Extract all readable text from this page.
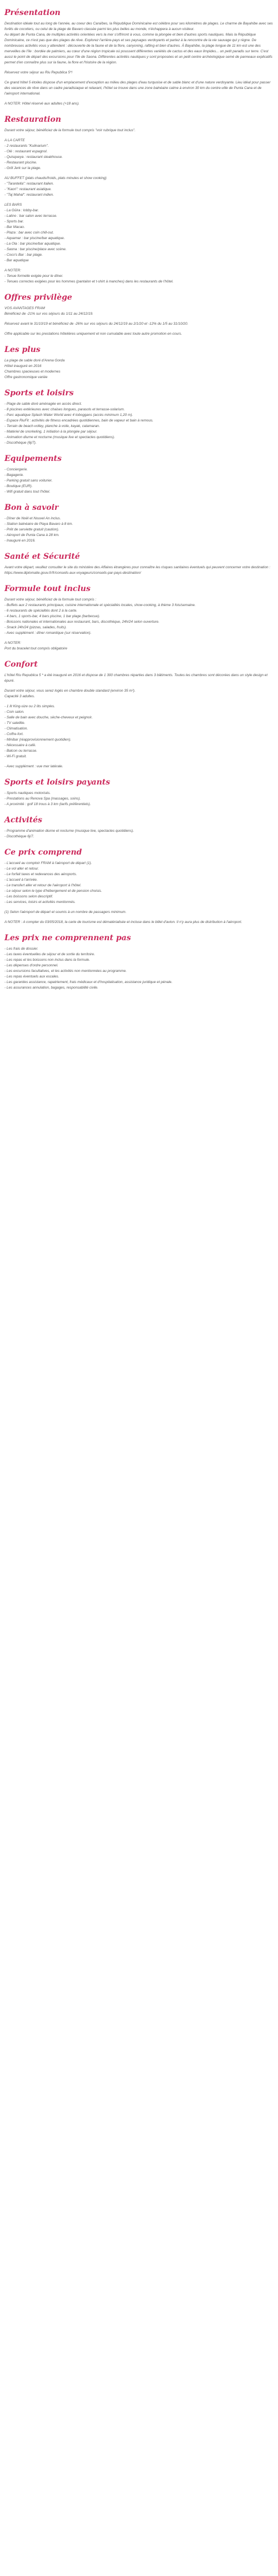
Présentation

Destination idéale tout au long de l'année, au coeur des Caraïbes, la République Dominicaine est célèbre pour ses kilomètres de plages. Le charme de Bayahibe avec ses forêts de cocotiers, ou celui de la plage de Bavaro classée parmi les plus belles au monde, n'échappera à aucun visiteur.
Au départ de Punta Cana, de multiples activités orientées vers la mer s'offriront à vous, comme la plongée et bien d'autres sports nautiques. Mais la République Dominicaine, ce n'est pas que des plages de rêve. Explorez l'arrière-pays et ses paysages verdoyants et partez à la rencontre de la vie sauvage qui y règne. De nombreuses activités vous y attendent : découverte de la faune et de la flore, canyoning, rafting et bien d'autres. À Bayahibe, la plage longue de 11 km est une des merveilles de l'île : bordée de palmiers, au cœur d'une région tropicale où poussent différentes variétés de cactus et des eaux limpides... un petit paradis sur terre. C'est aussi le point de départ des excursions pour l'île de Saona. Différentes activités nautiques y sont proposées et un petit centre archéologique semé de panneaux explicatifs permet d'en connaître plus sur la faune, la flore et l'histoire de la région.

Réservez votre séjour au Riu Republica 5*!

Ce grand hôtel 5 étoiles dispose d'un emplacement d'exception au milieu des plages d'eau turquoise et de sable blanc et d'une nature verdoyante. Lieu idéal pour passer des vacances de rêve dans un cadre paradisiaque et relaxant, l'hôtel se trouve dans une zone balnéaire calme à environ 30 km du centre-ville de Punta Cana et de l'aéroport international.

A NOTER: Hôtel réservé aux adultes (+18 ans).

Restauration

Durant votre séjour, bénéficiez de la formule tout compris "voir rubrique tout inclus".

A LA CARTE
- 2 restaurants "Kulinarium".
- Olé : restaurant espagnol.
- Quisqueya : restaurant steakhouse.
- Restaurant piscine.
- Grill Jerk sur la plage.

AU BUFFET (plats chauds/froids, plats minutes et show cooking)
- "Tarantella": restaurant italien.
- "Kaori": restaurant asiatique.
- "Taj Mahal": restaurant indien.

LES BARS
- La Güira : lobby-bar.
- Latino : bar salon avec terrasse.
- Sports bar.
- Bar Macao.
- Plaza : bar avec coin chill-out.
- Aquamar : bar piscine/bar aquatique.
- La Ola : bar piscine/bar aquatique.
- Saona : bar piscine/place avec scène.
- Coco's Bar : bar plage.
- Bar aquatique

A NOTER:
- Tenue formelle exigée pour le dîner.
- Tenues correctes exigées pour les hommes (pantalon et t-shirt à manches) dans les restaurants de l'hôtel.

Offres privilège

VOS AVANTAGES FRAM
Bénéficiez de -21% sur vos séjours du 1/11 au 24/12/19.

Réservez avant le 31/10/19 et bénéficiez de -26% sur vos séjours du 24/12/19 au 2/1/20 et -12% du 1/5 au 31/10/20.

Offre applicable sur les prestations hôtelières uniquement et non cumulable avec toute autre promotion en cours.

Les plus

La plage de sable doré d'Arena Gorda
Hôtel inauguré en 2016
Chambres spacieuses et modernes
Offre gastronomique variée

Sports et loisirs

- Plage de sable doré aménagée en accès direct.
- 8 piscines extérieures avec chaises longues, parasols et terrasse-solarium.
- Parc aquatique Splash Water World avec 4 toboggans (accès minimum 1,20 m).
- Espace RiuFit : activités de fitness encadrées quotidiennes, bain de vapeur et bain à remous.
- Terrain de beach-volley, planche à voile, kayak, catamaran.
- Matériel de snorkeling, 1 initiation à la plongée par séjour.
- Animation diurne et nocturne (musique live et spectacles quotidiens).
- Discothèque (6j/7).

Equipements

- Conciergerie.
- Bagagerie.
- Parking gratuit sans voiturier.
- Boutique (EUR).
- Wifi gratuit dans tout l'hôtel.

Bon à savoir

- Dîner de Noël et Nouvel An inclus.
- Station balnéaire de Playa Bavaro à 8 km.
- Prêt de serviette gratuit (caution).
- Aéroport de Punta Cana à 28 km.
- Inauguré en 2016.

Santé et Sécurité

Avant votre départ, veuillez consulter le site du ministère des Affaires étrangères pour connaître les risques sanitaires éventuels qui peuvent concerner votre destination : https://www.diplomatie.gouv.fr/fr/conseils-aux-voyageurs/conseils-par-pays-destination/

Formule tout inclus

Durant votre séjour, bénéficiez de la formule tout compris :
- Buffets aux 2 restaurants principaux, cuisine internationale et spécialités locales, show-cooking, à thème 3 fois/semaine.
- 6 restaurants de spécialités dont 2 à la carte.
- 4 bars, 1 sports-bar, 4 bars piscine, 1 bar plage (barbecue).
- Boissons nationales et internationales aux restaurant, bars, discothèque, 24h/24 selon ouverture.
- Snack 24h/24 (pizzas, salades, fruits).
- Avec supplément : dîner romantique (sur réservation).

A NOTER:
Port du bracelet tout compris obligatoire

Confort

L'hôtel Riu Republica 5 * a été inauguré en 2016 et dispose de 1 300 chambres réparties dans 3 bâtiments. Toutes les chambres sont décorées dans un style design et épuré.

Durant votre séjour, vous serez logés en chambre double standard (environ 35 m²).
Capacité 3 adultes.

- 1 lit King-size ou 2 lits simples.
- Coin salon.
- Salle de bain avec douche, sèche-cheveux et peignoir.
- TV satellite.
- Climatisation.
- Coffre-fort.
- Minibar (réapprovisionnement quotidien).
- Nécessaire à café.
- Balcon ou terrasse.
- Wi-Fi gratuit.

- Avec supplément : vue mer latérale.

Sports et loisirs payants

- Sports nautiques motorisés.
- Prestations au Renova Spa (massages, soins).
- A proximité : golf 18 trous à 3 km (tarifs préférentiels).

Activités

- Programme d'animation diurne et nocturne (musique live, spectacles quotidiens).
- Discothèque 6j/7.

Ce prix comprend

- L'accueil au comptoir FRAM à l'aéroport de départ (1).
- Le vol aller et retour.
- Le forfait taxes et redevances des aéroports.
- L'accueil à l'arrivée.
- Le transfert aller et retour de l'aéroport à l'hôtel.
- Le séjour selon le type d'hébergement et de pension choisis.
- Les boissons selon descriptif.
- Les services, loisirs et activités mentionnés.

(1) Selon l'aéroport de départ et soumis à un nombre de passagers minimum.

A NOTER : A compter du 03/05/2018, la carte de tourisme est dématérialisée et incluse dans le billet d'avion. Il n'y aura plus de distribution à l'aéroport.

Les prix ne comprennent pas

- Les frais de dossier.
- Les taxes éventuelles de séjour et de sortie du territoire.
- Les repas et les boissons non inclus dans la formule.
- Les dépenses d'ordre personnel.
- Les excursions facultatives, et les activités non mentionnées au programme.
- Les repas éventuels aux escales.
- Les garanties assistance, rapatriement, frais médicaux et d'hospitalisation, assistance juridique et pénale.
- Les assurances annulation, bagages, responsabilité civile.
